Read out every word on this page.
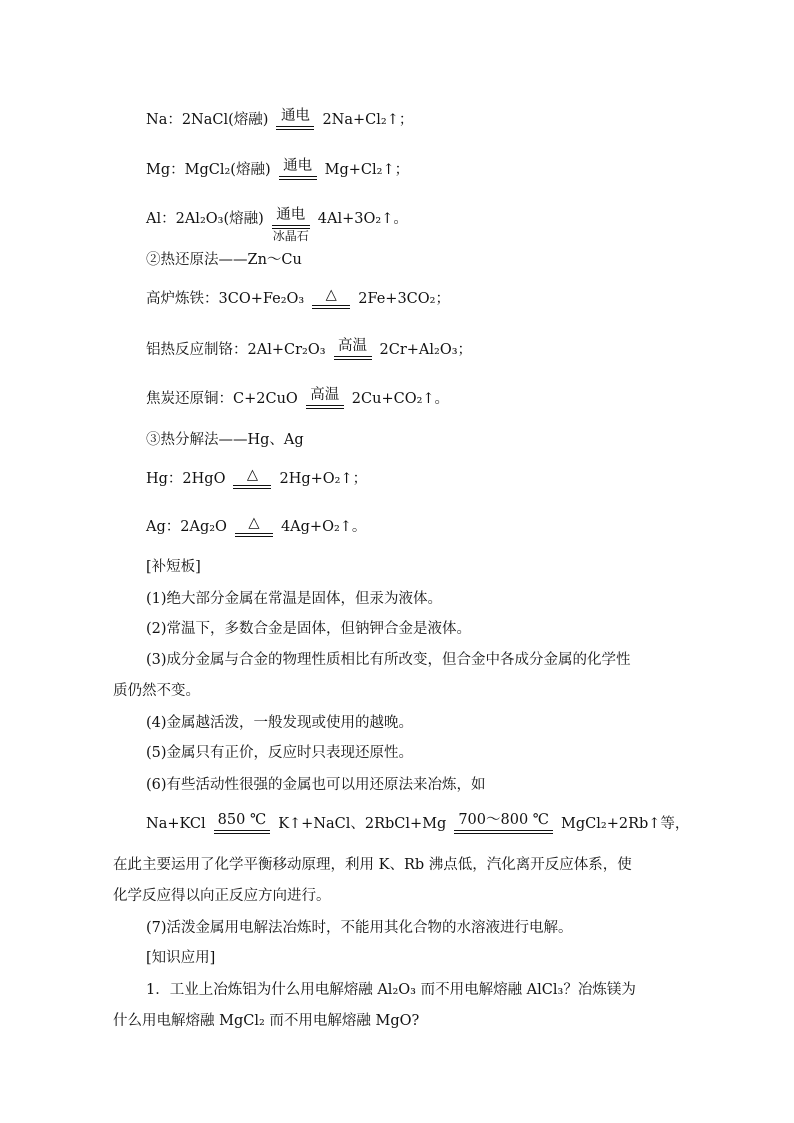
Na：2NaCl(熔融) 通电 2Na+Cl₂↑；
Mg：MgCl₂(熔融) 通电 Mg+Cl₂↑；
Al：2Al₂O₃(熔融) 通电
冰晶石
4Al+3O₂↑。
②热还原法——Zn～Cu
高炉炼铁：3CO+Fe₂O₃ △ 2Fe+3CO₂；
铝热反应制铬：2Al+Cr₂O₃ 高温 2Cr+Al₂O₃；
焦炭还原铜：C+2CuO 高温 2Cu+CO₂↑。
③热分解法——Hg、Ag
Hg：2HgO △ 2Hg+O₂↑；
Ag：2Ag₂O △ 4Ag+O₂↑。
[补短板]
(1)绝大部分金属在常温是固体，但汞为液体。
(2)常温下，多数合金是固体，但钠钾合金是液体。
(3)成分金属与合金的物理性质相比有所改变，但合金中各成分金属的化学性
质仍然不变。
(4)金属越活泼，一般发现或使用的越晚。
(5)金属只有正价，反应时只表现还原性。
(6)有些活动性很强的金属也可以用还原法来冶炼，如
Na+KCl 850 ℃ K↑+NaCl、2RbCl+Mg 700～800 ℃ MgCl₂+2Rb↑等，
在此主要运用了化学平衡移动原理，利用 K、Rb 沸点低，汽化离开反应体系，使
化学反应得以向正反应方向进行。
(7)活泼金属用电解法冶炼时，不能用其化合物的水溶液进行电解。
[知识应用]
1．工业上冶炼铝为什么用电解熔融 Al₂O₃ 而不用电解熔融 AlCl₃？冶炼镁为
什么用电解熔融 MgCl₂ 而不用电解熔融 MgO?
